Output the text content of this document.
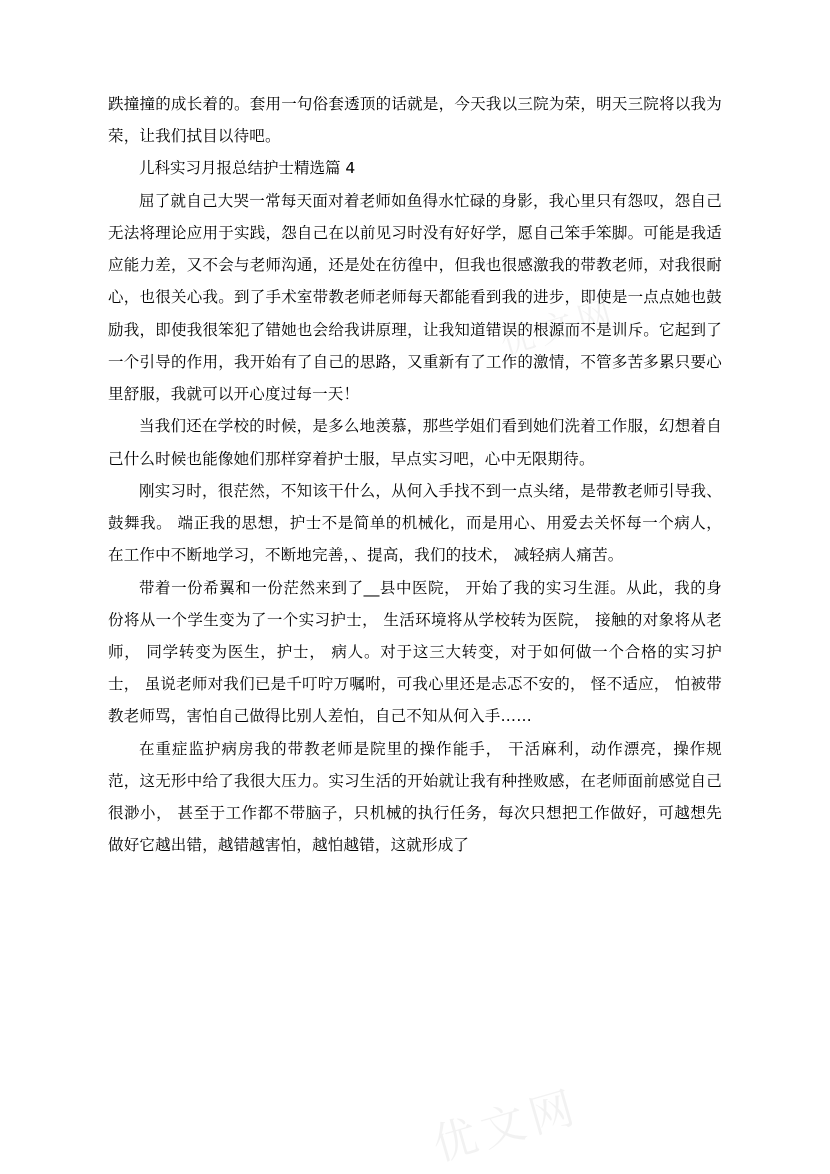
优文网
优文网

跌撞撞的成长着的。套用一句俗套透顶的话就是，今天我以三院为荣，明天三院将以我为荣，让我们拭目以待吧。

儿科实习月报总结护士精选篇 4

屈了就自己大哭一常每天面对着老师如鱼得水忙碌的身影，我心里只有怨叹，怨自己无法将理论应用于实践，怨自己在以前见习时没有好好学，愿自己笨手笨脚。可能是我适应能力差，又不会与老师沟通，还是处在彷徨中，但我也很感激我的带教老师，对我很耐心，也很关心我。到了手术室带教老师老师每天都能看到我的进步，即使是一点点她也鼓励我，即使我很笨犯了错她也会给我讲原理，让我知道错误的根源而不是训斥。它起到了一个引导的作用，我开始有了自己的思路，又重新有了工作的激情，不管多苦多累只要心里舒服，我就可以开心度过每一天！

当我们还在学校的时候，是多么地羡慕，那些学姐们看到她们洗着工作服，幻想着自己什么时候也能像她们那样穿着护士服，早点实习吧，心中无限期待。

刚实习时，很茫然，不知该干什么，从何入手找不到一点头绪，是带教老师引导我、鼓舞我。 端正我的思想，护士不是简单的机械化，而是用心、用爱去关怀每一个病人，在工作中不断地学习，不断地完善，、提高，我们的技术， 减轻病人痛苦。

带着一份希翼和一份茫然来到了__县中医院， 开始了我的实习生涯。从此，我的身份将从一个学生变为了一个实习护士， 生活环境将从学校转为医院， 接触的对象将从老师， 同学转变为医生，护士， 病人。对于这三大转变，对于如何做一个合格的实习护士， 虽说老师对我们已是千叮咛万嘱咐，可我心里还是忐忑不安的， 怪不适应， 怕被带教老师骂，害怕自己做得比别人差怕，自己不知从何入手……

在重症监护病房我的带教老师是院里的操作能手， 干活麻利，动作漂亮，操作规范，这无形中给了我很大压力。实习生活的开始就让我有种挫败感，在老师面前感觉自己很渺小， 甚至于工作都不带脑子，只机械的执行任务，每次只想把工作做好，可越想先做好它越出错，越错越害怕，越怕越错，这就形成了
